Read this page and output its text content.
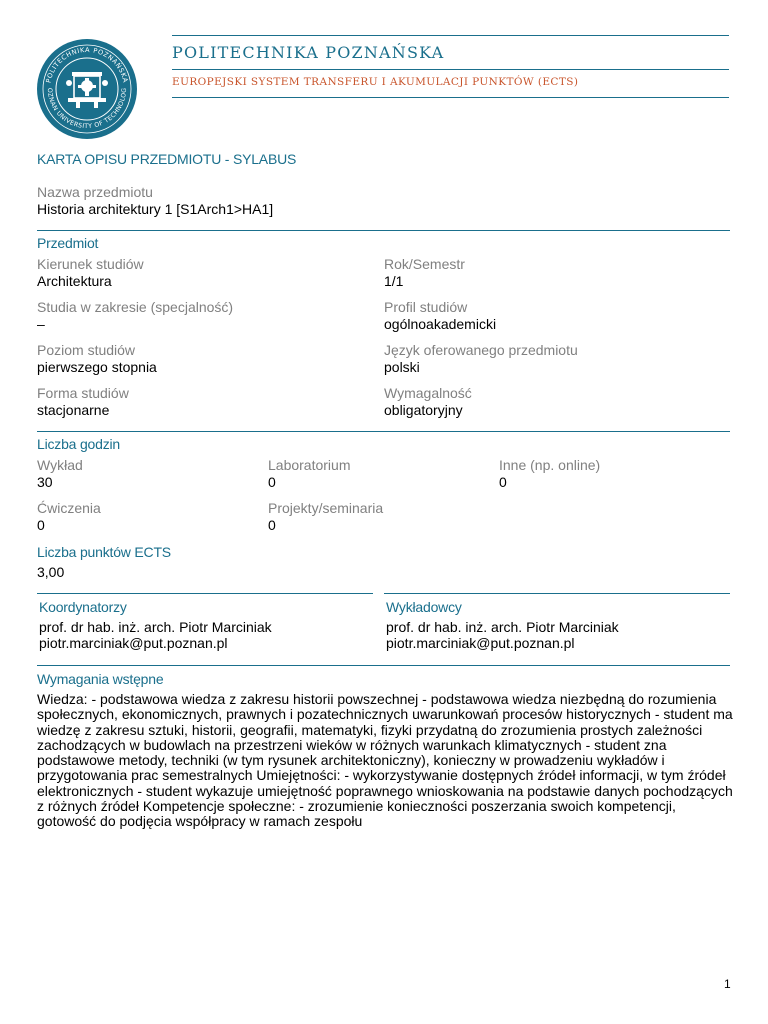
POLITECHNIKA POZNAŃSKA
OZNAN UNIVERSITY OF TECHNOLOG
POLITECHNIKA POZNAŃSKA
EUROPEJSKI SYSTEM TRANSFERU I AKUMULACJI PUNKTÓW (ECTS)
KARTA OPISU PRZEDMIOTU - SYLABUS
Nazwa przedmiotu
Historia architektury 1 [S1Arch1>HA1]
Przedmiot
Kierunek studiów
Architektura
Rok/Semestr
1/1
Studia w zakresie (specjalność)
–
Profil studiów
ogólnoakademicki
Poziom studiów
pierwszego stopnia
Język oferowanego przedmiotu
polski
Forma studiów
stacjonarne
Wymagalność
obligatoryjny
Liczba godzin
Wykład
30
Laboratorium
0
Inne (np. online)
0
Ćwiczenia
0
Projekty/seminaria
0
Liczba punktów ECTS
3,00
Koordynatorzy	Wykładowcy
prof. dr hab. inż. arch. Piotr Marciniak
piotr.marciniak@put.poznan.pl
prof. dr hab. inż. arch. Piotr Marciniak
piotr.marciniak@put.poznan.pl
Wymagania wstępne
Wiedza: - podstawowa wiedza z zakresu historii powszechnej - podstawowa wiedza niezbędną do rozumienia społecznych, ekonomicznych, prawnych i pozatechnicznych uwarunkowań procesów historycznych - student ma wiedzę z zakresu sztuki, historii, geografii, matematyki, fizyki przydatną do zrozumienia prostych zależności zachodzących w budowlach na przestrzeni wieków w różnych warunkach klimatycznych - student zna podstawowe metody, techniki (w tym rysunek architektoniczny), konieczny w prowadzeniu wykładów i przygotowania prac semestralnych Umiejętności: - wykorzystywanie dostępnych źródeł informacji, w tym źródeł elektronicznych - student wykazuje umiejętność poprawnego wnioskowania na podstawie danych pochodzących z różnych źródeł Kompetencje społeczne: - zrozumienie konieczności poszerzania swoich kompetencji, gotowość do podjęcia współpracy w ramach zespołu
1
